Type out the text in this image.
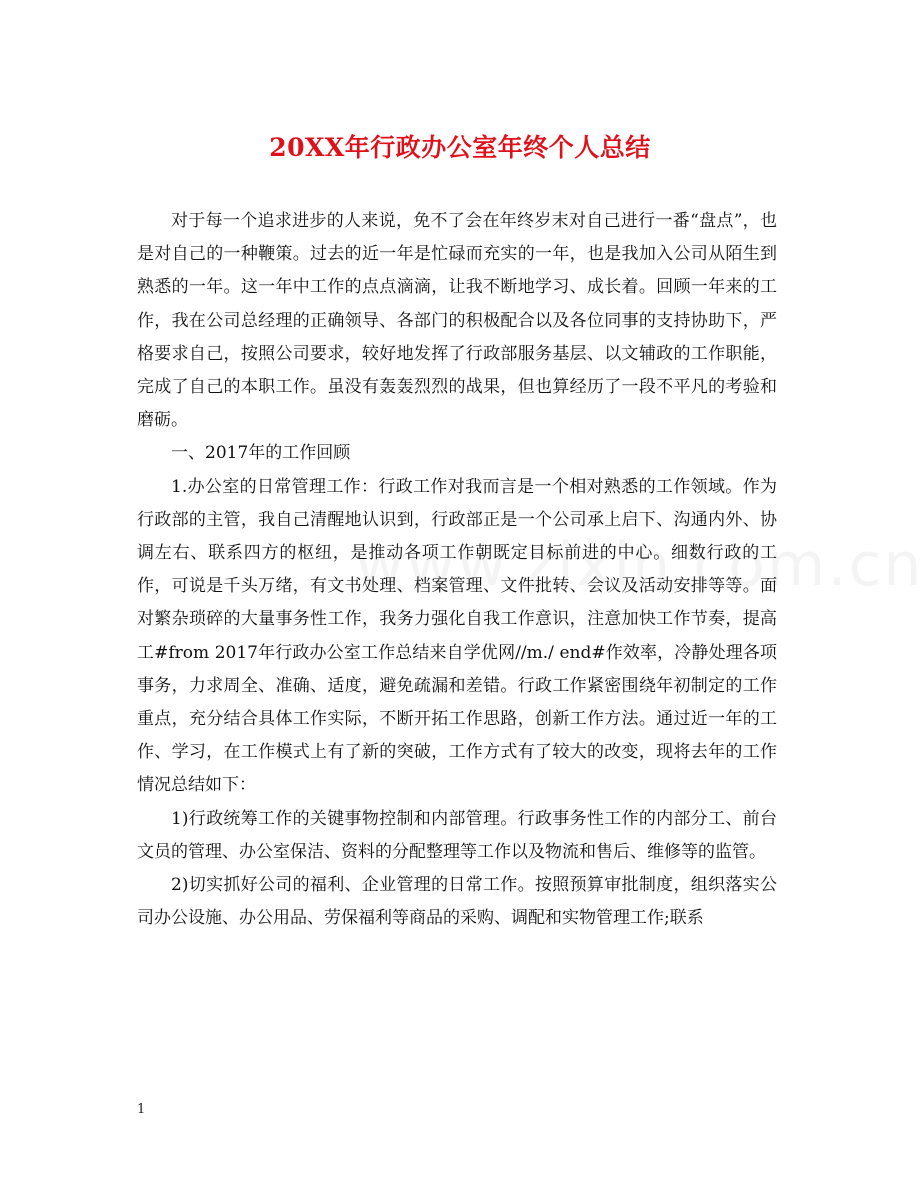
20XX年行政办公室年终个人总结

对于每一个追求进步的人来说，免不了会在年终岁末对自己进行一番“盘点”，也是对自己的一种鞭策。过去的近一年是忙碌而充实的一年，也是我加入公司从陌生到熟悉的一年。这一年中工作的点点滴滴，让我不断地学习、成长着。回顾一年来的工作，我在公司总经理的正确领导、各部门的积极配合以及各位同事的支持协助下，严格要求自己，按照公司要求，较好地发挥了行政部服务基层、以文辅政的工作职能，完成了自己的本职工作。虽没有轰轰烈烈的战果，但也算经历了一段不平凡的考验和磨砺。

一、2017年的工作回顾

1.办公室的日常管理工作：行政工作对我而言是一个相对熟悉的工作领域。作为行政部的主管，我自己清醒地认识到，行政部正是一个公司承上启下、沟通内外、协调左右、联系四方的枢纽，是推动各项工作朝既定目标前进的中心。细数行政的工作，可说是千头万绪，有文书处理、档案管理、文件批转、会议及活动安排等等。面对繁杂琐碎的大量事务性工作，我务力强化自我工作意识，注意加快工作节奏，提高工#from 2017年行政办公室工作总结来自学优网//m./ end#作效率，冷静处理各项事务，力求周全、准确、适度，避免疏漏和差错。行政工作紧密围绕年初制定的工作重点，充分结合具体工作实际，不断开拓工作思路，创新工作方法。通过近一年的工作、学习，在工作模式上有了新的突破，工作方式有了较大的改变，现将去年的工作情况总结如下：

1)行政统筹工作的关键事物控制和内部管理。行政事务性工作的内部分工、前台文员的管理、办公室保洁、资料的分配整理等工作以及物流和售后、维修等的监管。

2)切实抓好公司的福利、企业管理的日常工作。按照预算审批制度，组织落实公司办公设施、办公用品、劳保福利等商品的采购、调配和实物管理工作;联系

1
